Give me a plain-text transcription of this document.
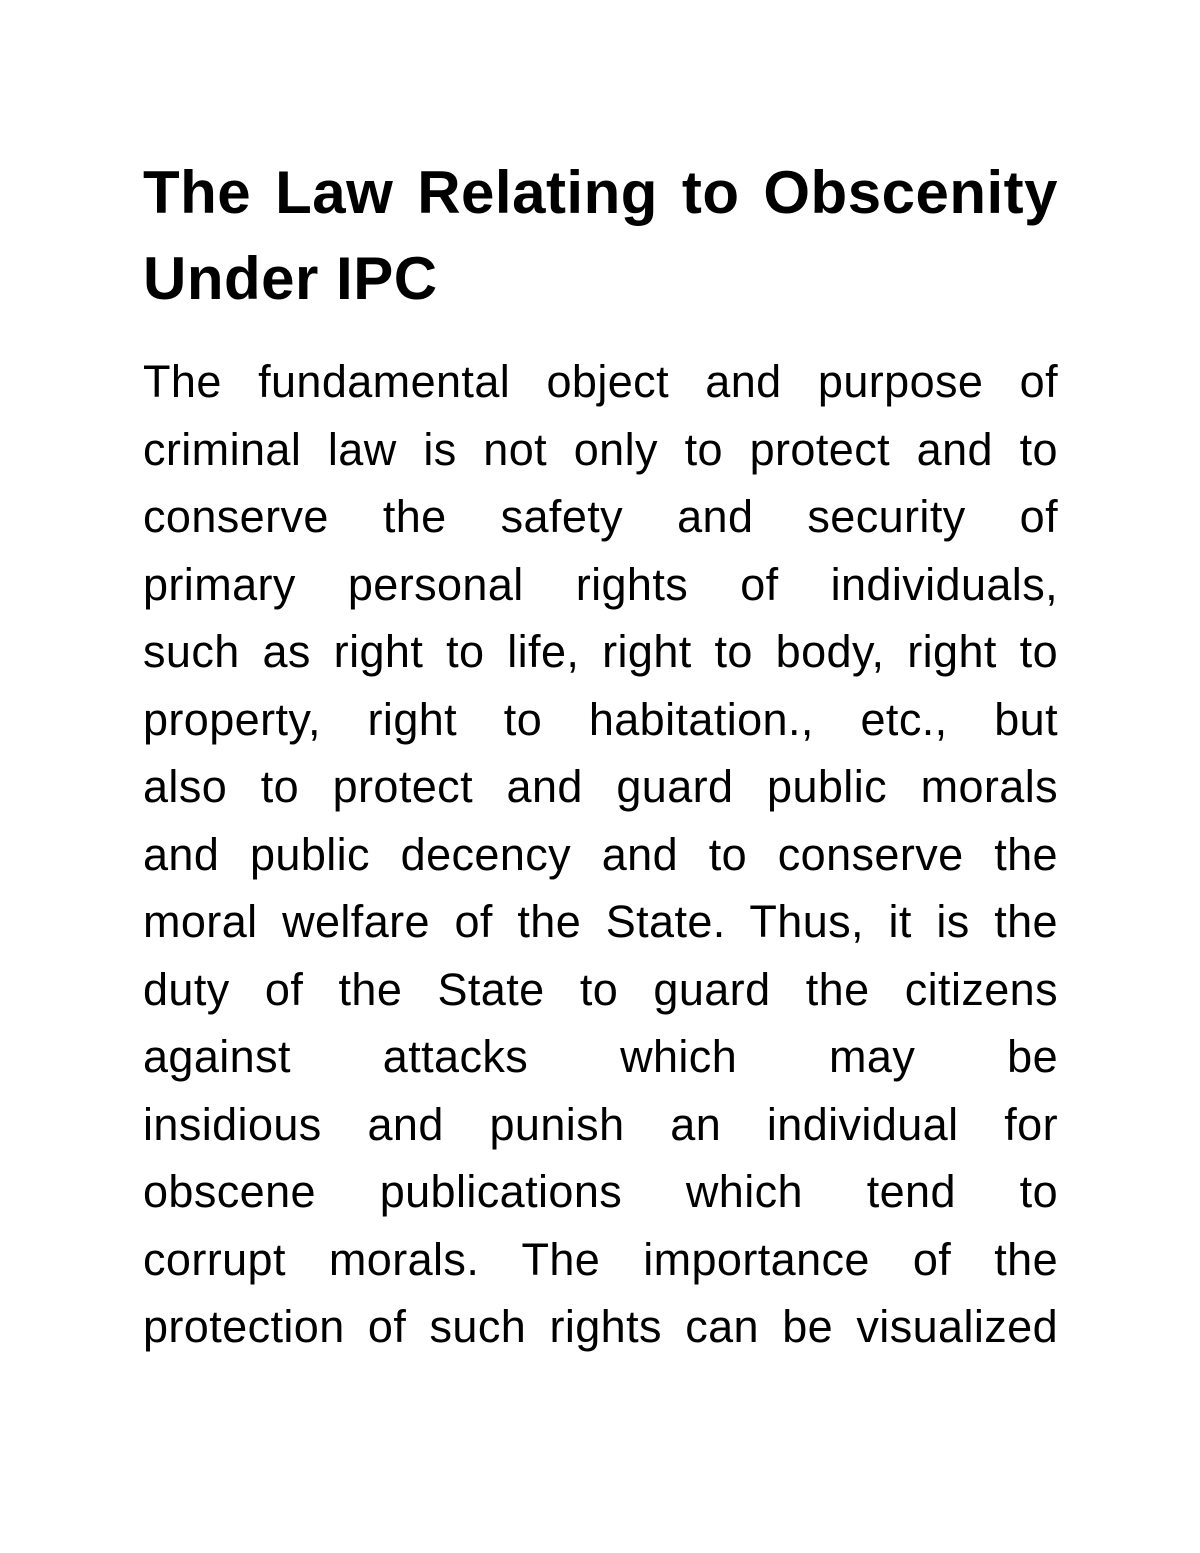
The Law Relating to Obscenity Under IPC
The fundamental object and purpose of
criminal law is not only to protect and to
conserve the safety and security of
primary personal rights of individuals,
such as right to life, right to body, right to
property, right to habitation., etc., but
also to protect and guard public morals
and public decency and to conserve the
moral welfare of the State. Thus, it is the
duty of the State to guard the citizens
against attacks which may be
insidious and punish an individual for
obscene publications which tend to
corrupt morals. The importance of the
protection of such rights can be visualized
